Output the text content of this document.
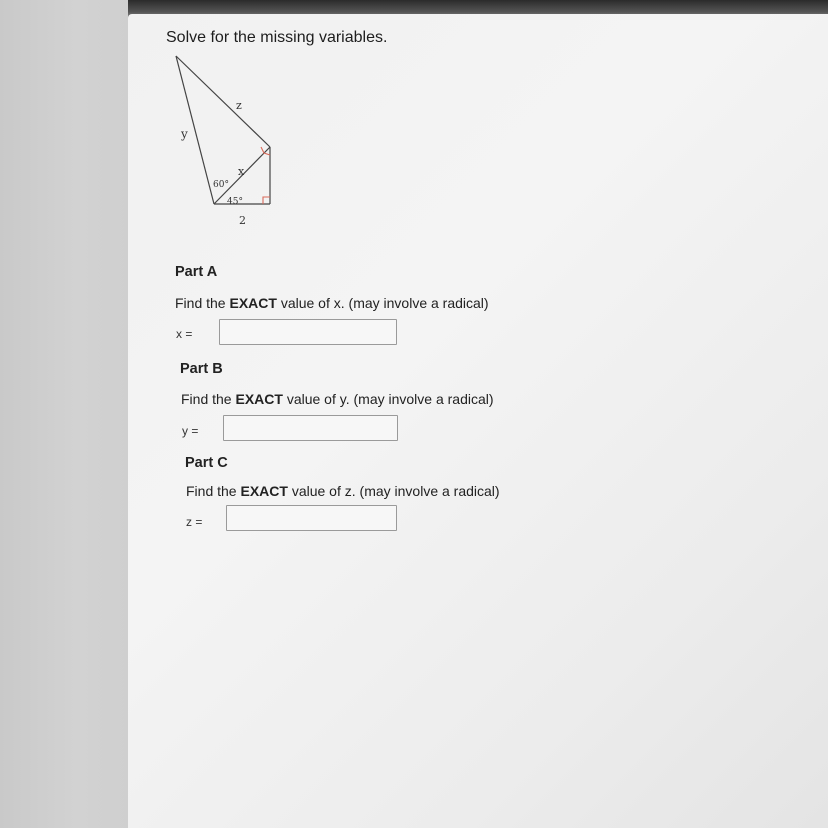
Solve for the missing variables.
z
y
x
60°
45°
2
Part A
Find the EXACT value of x. (may involve a radical)
x =
Part B
Find the EXACT value of y. (may involve a radical)
y =
Part C
Find the EXACT value of z. (may involve a radical)
z =
